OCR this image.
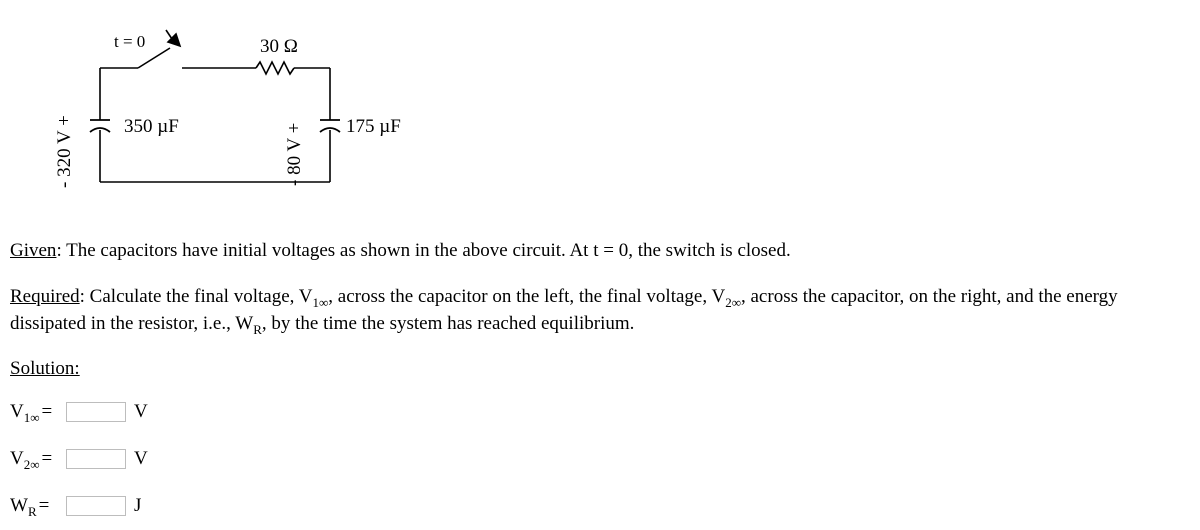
t = 0	30 Ω
350 µF	175 µF
- 320 V +	- 80 V +
Given: The capacitors have initial voltages as shown in the above circuit. At t = 0, the switch is closed.
Required: Calculate the final voltage, $V_{1\infty}$, across the capacitor on the left, the final voltage, $V_{2\infty}$, across the capacitor, on the right, and the energy
dissipated in the resistor, i.e., $W_R$, by the time the system has reached equilibrium.
Solution:
$V_{1\infty}$ =	V
$V_{2\infty}$ =	V
$W_R$ =	J
